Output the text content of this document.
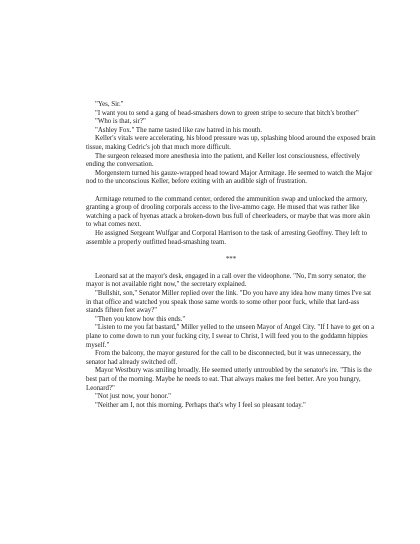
"Yes, Sir."

"I want you to send a gang of head-smashers down to green stripe to secure that bitch's brother"

"Who is that, sir?"

"Ashley Fox." The name tasted like raw hatred in his mouth.

Keller's vitals were accelerating, his blood pressure was up, splashing blood around the exposed brain tissue, making Cedric's job that much more difficult.

The surgeon released more anesthesia into the patient, and Keller lost consciousness, effectively ending the conversation.

Morgenstern turned his gauze-wrapped head toward Major Armitage. He seemed to watch the Major nod to the unconscious Keller, before exiting with an audible sigh of frustration.

Armitage returned to the command center, ordered the ammunition swap and unlocked the armory, granting a group of drooling corporals access to the live-ammo cage. He mused that was rather like watching a pack of hyenas attack a broken-down bus full of cheerleaders, or maybe that was more akin to what comes next.

He assigned Sergeant Wulfgar and Corporal Harrison to the task of arresting Geoffrey. They left to assemble a properly outfitted head-smashing team.

***

Leonard sat at the mayor's desk, engaged in a call over the videophone. "No, I'm sorry senator, the mayor is not available right now," the secretary explained.

"Bullshit, son," Senator Miller replied over the link. "Do you have any idea how many times I've sat in that office and watched you speak those same words to some other poor fuck, while that lard-ass stands fifteen feet away?"

"Then you know how this ends."

"Listen to me you fat bastard," Miller yelled to the unseen Mayor of Angel City. "If I have to get on a plane to come down to run your fucking city, I swear to Christ, I will feed you to the goddamn hippies myself."

From the balcony, the mayor gestured for the call to be disconnected, but it was unnecessary, the senator had already switched off.

Mayor Westbury was smiling broadly. He seemed utterly untroubled by the senator's ire. "This is the best part of the morning. Maybe he needs to eat. That always makes me feel better. Are you hungry, Leonard?"

"Not just now, your honor."

"Neither am I, not this morning. Perhaps that's why I feel so pleasant today."
